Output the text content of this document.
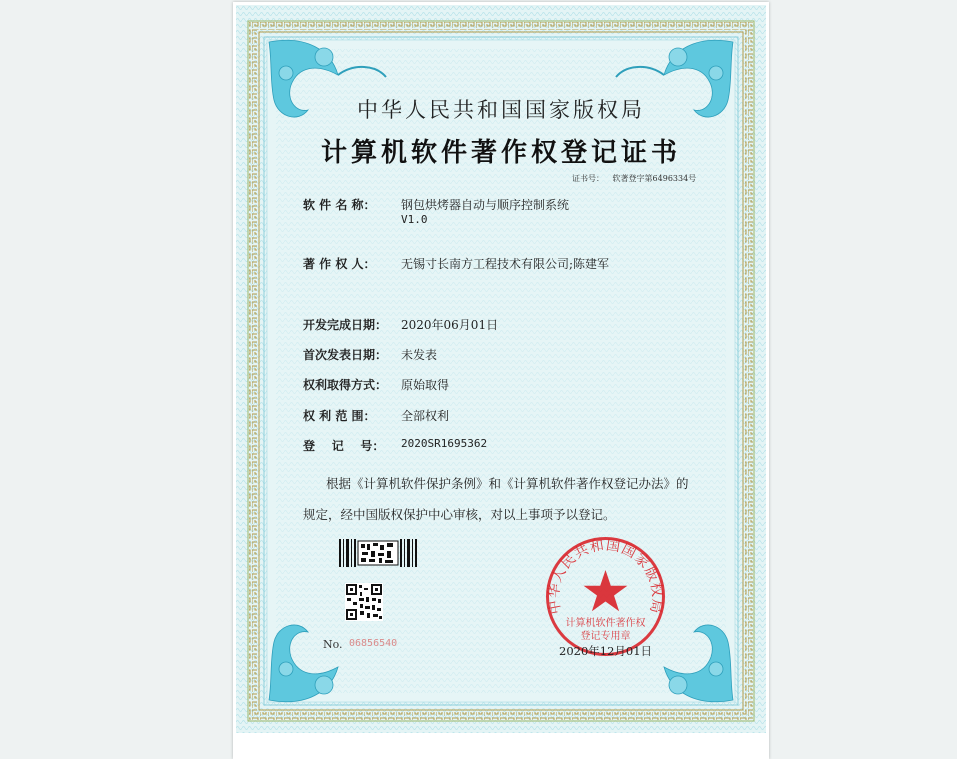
中华人民共和国国家版权局
计算机软件著作权登记证书
证书号： 软著登字第6496334号
软 件 名 称： 钢包烘烤器自动与顺序控制系统
V1.0
著 作 权 人： 无锡寸长南方工程技术有限公司;陈建军
开发完成日期： 2020年06月01日
首次发表日期： 未发表
权利取得方式： 原始取得
权 利 范 围： 全部权利
登    记    号： 2020SR1695362
根据《计算机软件保护条例》和《计算机软件著作权登记办法》的
规定，经中国版权保护中心审核，对以上事项予以登记。
No. 06856540
中华人民共和国国家版权局
计算机软件著作权
登记专用章
2020年12月01日
